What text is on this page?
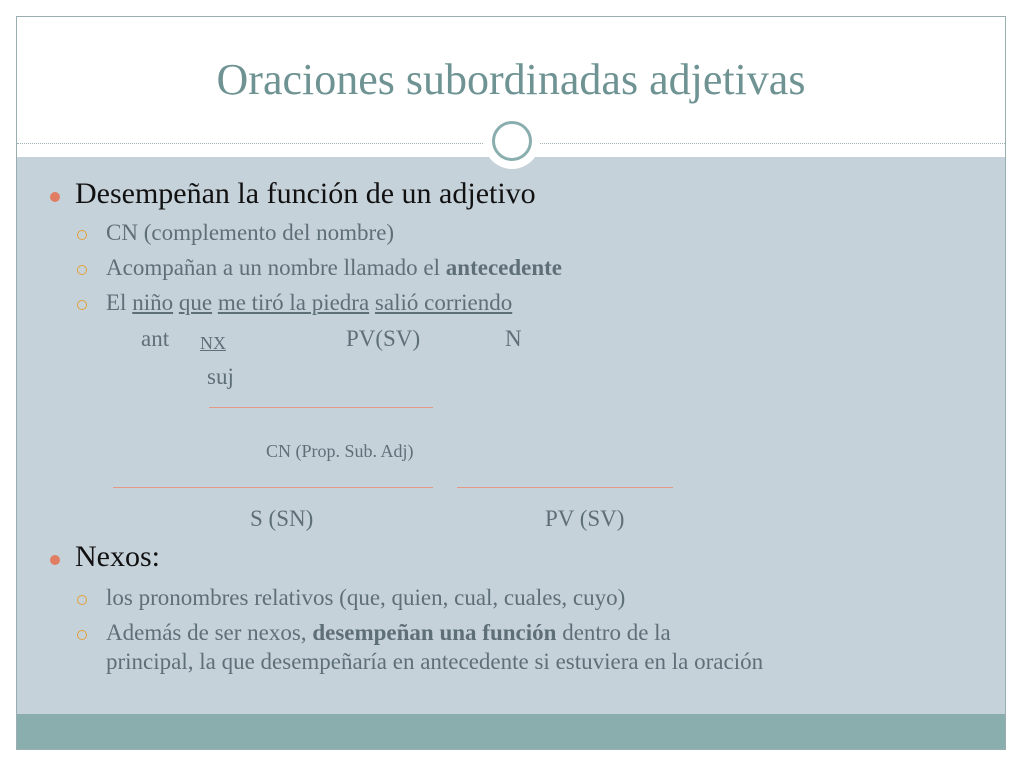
Oraciones subordinadas adjetivas
Desempeñan la función de un adjetivo
CN (complemento del nombre)
Acompañan a un nombre llamado el antecedente
El niño que me tiró la piedra salió corriendo
ant NX	PV(SV)	N
suj
CN (Prop. Sub. Adj)
S (SN)	PV (SV)
Nexos:
los pronombres relativos (que, quien, cual, cuales, cuyo)
Además de ser nexos, desempeñan una función dentro de la
principal, la que desempeñaría en antecedente si estuviera en la oración
